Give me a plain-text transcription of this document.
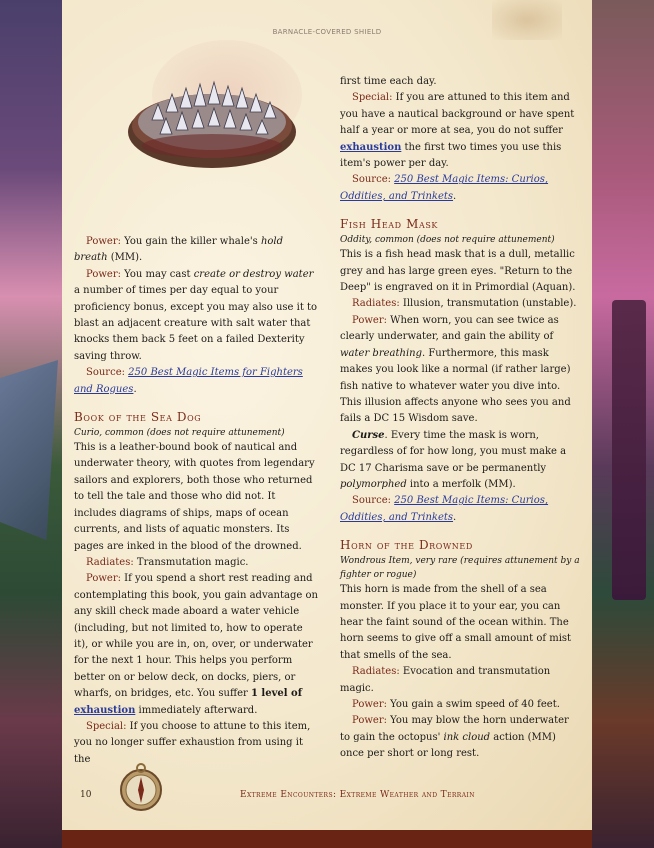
BARNACLE-COVERED SHIELD

Power: You gain the killer whale's hold breath (MM).

Power: You may cast create or destroy water a number of times per day equal to your proficiency bonus, except you may also use it to blast an adjacent creature with salt water that knocks them back 5 feet on a failed Dexterity saving throw.

Source: 250 Best Magic Items for Fighters and Rogues.

Book of the Sea Dog

Curio, common (does not require attunement)

This is a leather-bound book of nautical and underwater theory, with quotes from legendary sailors and explorers, both those who returned to tell the tale and those who did not. It includes diagrams of ships, maps of ocean currents, and lists of aquatic monsters. Its pages are inked in the blood of the drowned.

Radiates: Transmutation magic.

Power: If you spend a short rest reading and contemplating this book, you gain advantage on any skill check made aboard a water vehicle (including, but not limited to, how to operate it), or while you are in, on, over, or underwater for the next 1 hour. This helps you perform better on or below deck, on docks, piers, or wharfs, on bridges, etc. You suffer 1 level of exhaustion immediately afterward.

Special: If you choose to attune to this item, you no longer suffer exhaustion from using it the

first time each day.

Special: If you are attuned to this item and you have a nautical background or have spent half a year or more at sea, you do not suffer exhaustion the first two times you use this item's power per day.

Source: 250 Best Magic Items: Curios, Oddities, and Trinkets.

Fish Head Mask

Oddity, common (does not require attunement)

This is a fish head mask that is a dull, metallic grey and has large green eyes. "Return to the Deep" is engraved on it in Primordial (Aquan).

Radiates: Illusion, transmutation (unstable).

Power: When worn, you can see twice as clearly underwater, and gain the ability of water breathing. Furthermore, this mask makes you look like a normal (if rather large) fish native to whatever water you dive into. This illusion affects anyone who sees you and fails a DC 15 Wisdom save.

Curse. Every time the mask is worn, regardless of for how long, you must make a DC 17 Charisma save or be permanently polymorphed into a merfolk (MM).

Source: 250 Best Magic Items: Curios, Oddities, and Trinkets.

Horn of the Drowned

Wondrous Item, very rare (requires attunement by a fighter or rogue)

This horn is made from the shell of a sea monster. If you place it to your ear, you can hear the faint sound of the ocean within. The horn seems to give off a small amount of mist that smells of the sea.

Radiates: Evocation and transmutation magic.

Power: You gain a swim speed of 40 feet.

Power: You may blow the horn underwater to gain the octopus' ink cloud action (MM) once per short or long rest.

10	Extreme Encounters: Extreme Weather and Terrain
